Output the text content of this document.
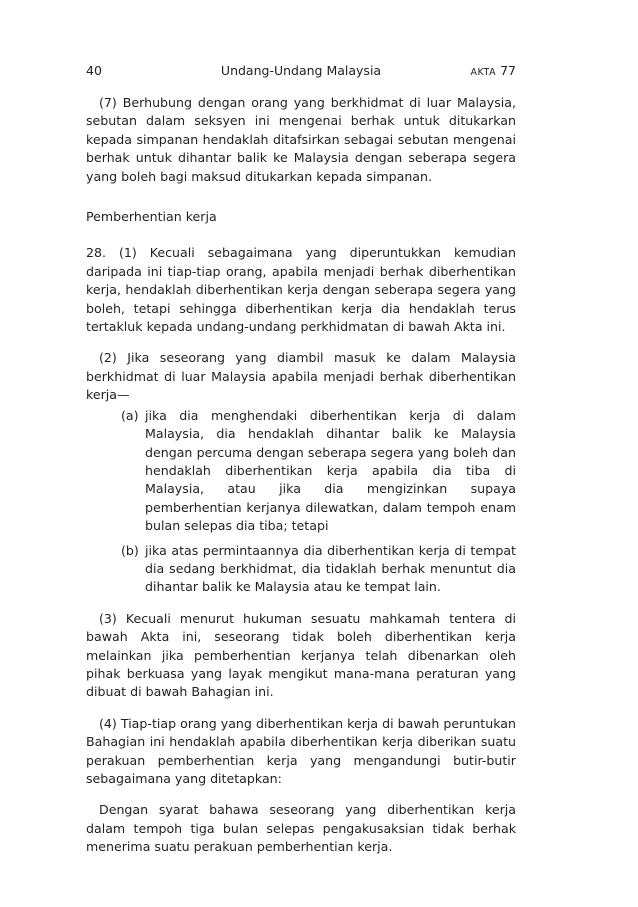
40	Undang-Undang Malaysia	AKTA 77

(7) Berhubung dengan orang yang berkhidmat di luar Malaysia, sebutan dalam seksyen ini mengenai berhak untuk ditukarkan kepada simpanan hendaklah ditafsirkan sebagai sebutan mengenai berhak untuk dihantar balik ke Malaysia dengan seberapa segera yang boleh bagi maksud ditukarkan kepada simpanan.

Pemberhentian kerja

28. (1) Kecuali sebagaimana yang diperuntukkan kemudian daripada ini tiap-tiap orang, apabila menjadi berhak diberhentikan kerja, hendaklah diberhentikan kerja dengan seberapa segera yang boleh, tetapi sehingga diberhentikan kerja dia hendaklah terus tertakluk kepada undang-undang perkhidmatan di bawah Akta ini.

(2) Jika seseorang yang diambil masuk ke dalam Malaysia berkhidmat di luar Malaysia apabila menjadi berhak diberhentikan kerja—

(a) jika dia menghendaki diberhentikan kerja di dalam Malaysia, dia hendaklah dihantar balik ke Malaysia dengan percuma dengan seberapa segera yang boleh dan hendaklah diberhentikan kerja apabila dia tiba di Malaysia, atau jika dia mengizinkan supaya pemberhentian kerjanya dilewatkan, dalam tempoh enam bulan selepas dia tiba; tetapi

(b) jika atas permintaannya dia diberhentikan kerja di tempat dia sedang berkhidmat, dia tidaklah berhak menuntut dia dihantar balik ke Malaysia atau ke tempat lain.

(3) Kecuali menurut hukuman sesuatu mahkamah tentera di bawah Akta ini, seseorang tidak boleh diberhentikan kerja melainkan jika pemberhentian kerjanya telah dibenarkan oleh pihak berkuasa yang layak mengikut mana-mana peraturan yang dibuat di bawah Bahagian ini.

(4) Tiap-tiap orang yang diberhentikan kerja di bawah peruntukan Bahagian ini hendaklah apabila diberhentikan kerja diberikan suatu perakuan pemberhentian kerja yang mengandungi butir-butir sebagaimana yang ditetapkan:

Dengan syarat bahawa seseorang yang diberhentikan kerja dalam tempoh tiga bulan selepas pengakusaksian tidak berhak menerima suatu perakuan pemberhentian kerja.
